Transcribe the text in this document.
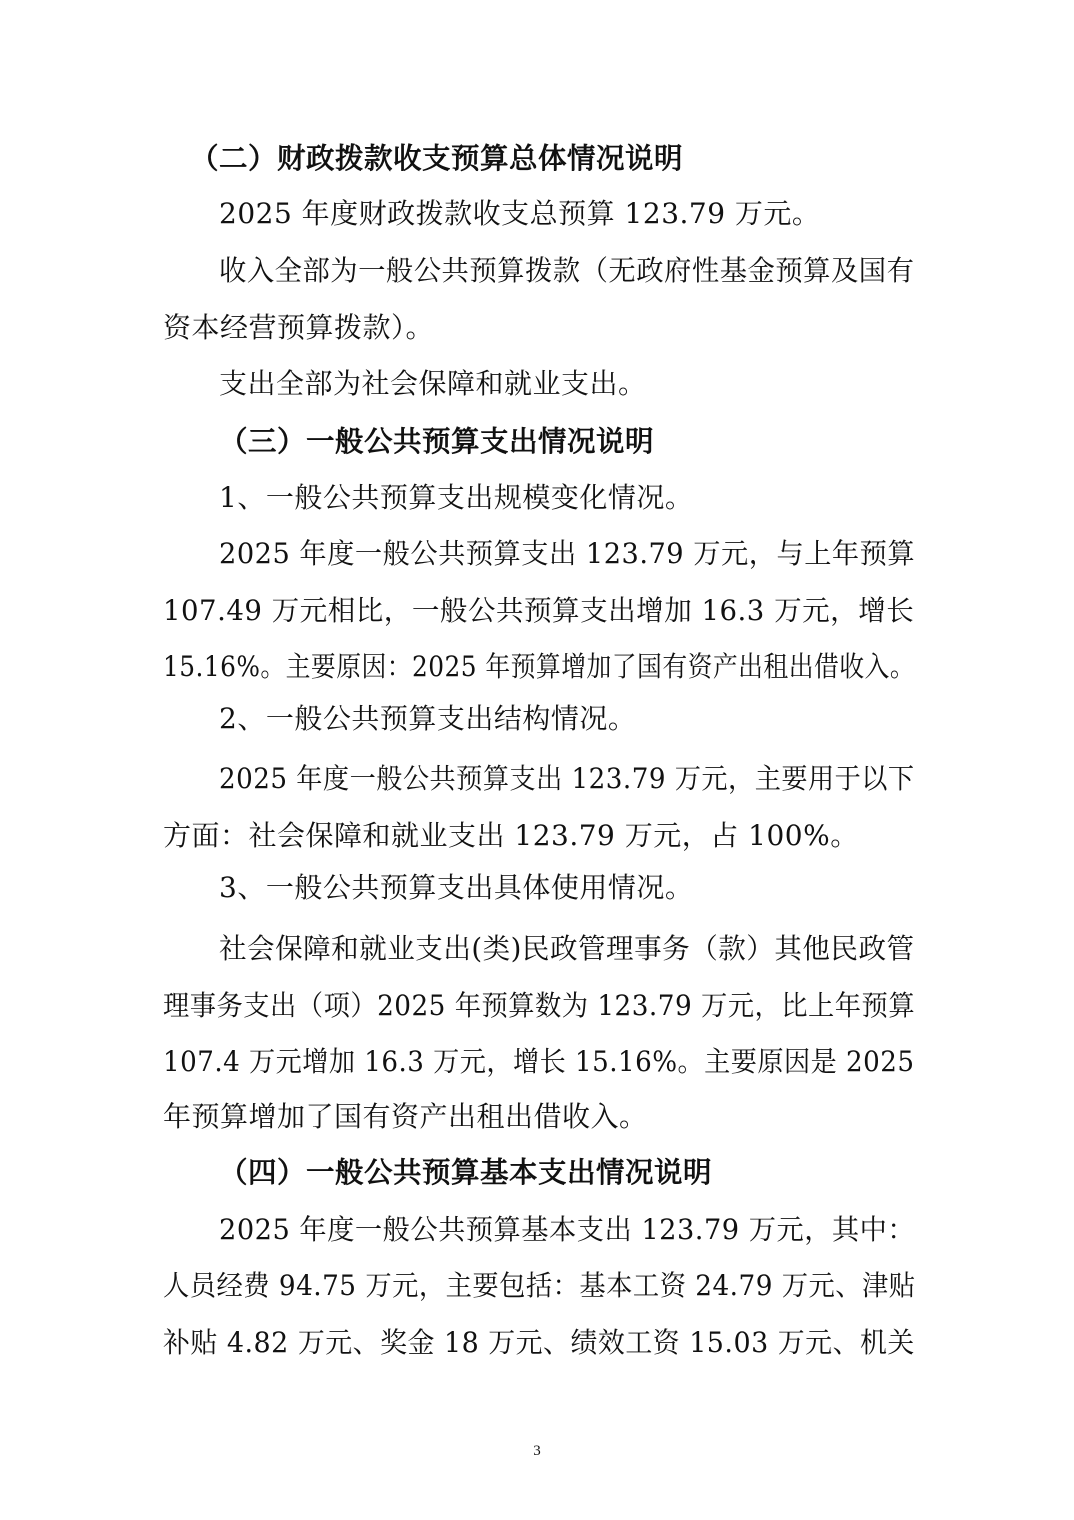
（二）财政拨款收支预算总体情况说明
2025 年度财政拨款收支总预算 123.79 万元。
收入全部为一般公共预算拨款（无政府性基金预算及国有
资本经营预算拨款）。
支出全部为社会保障和就业支出。
（三）一般公共预算支出情况说明
1、一般公共预算支出规模变化情况。
2025 年度一般公共预算支出 123.79 万元，与上年预算
107.49 万元相比，一般公共预算支出增加 16.3 万元，增长
15.16%。主要原因：2025 年预算增加了国有资产出租出借收入。
2、一般公共预算支出结构情况。
2025 年度一般公共预算支出 123.79 万元，主要用于以下
方面：社会保障和就业支出 123.79 万元，占 100%。
3、一般公共预算支出具体使用情况。
社会保障和就业支出(类)民政管理事务（款）其他民政管
理事务支出（项）2025 年预算数为 123.79 万元，比上年预算
107.4 万元增加 16.3 万元，增长 15.16%。主要原因是 2025
年预算增加了国有资产出租出借收入。
（四）一般公共预算基本支出情况说明
2025 年度一般公共预算基本支出 123.79 万元，其中：
人员经费 94.75 万元，主要包括：基本工资 24.79 万元、津贴
补贴 4.82 万元、奖金 18 万元、绩效工资 15.03 万元、机关
3
